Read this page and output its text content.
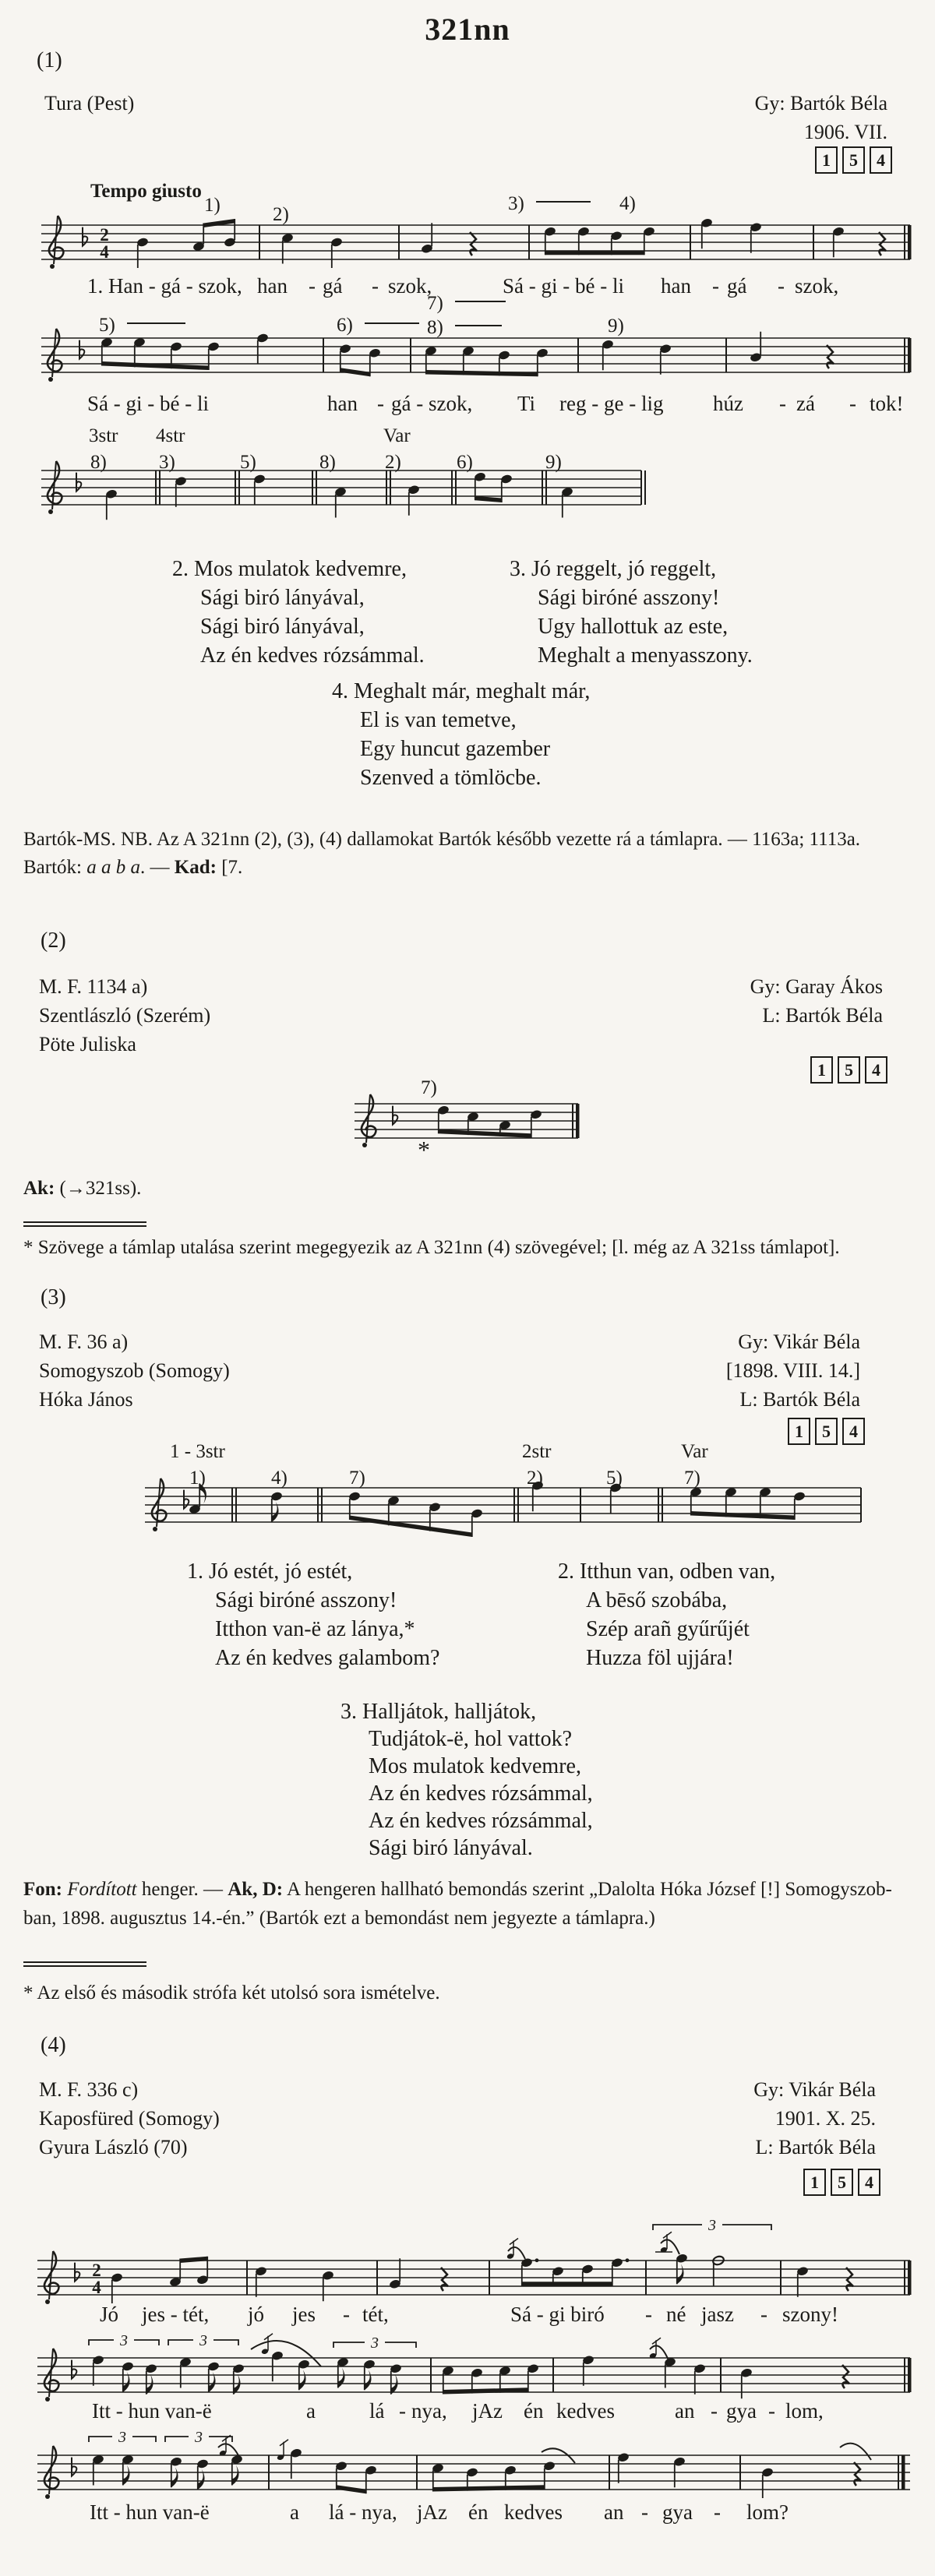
321nn
2
4
2
4
3
3	3	3
3	3
(1)
Tura (Pest)	Gy: Bartók Béla
1906. VII.
1	5	4
Tempo giusto
(2)
M. F. 1134 a)
Szentlászló (Szerém)
Pöte Juliska
Gy: Garay Ákos
L: Bartók Béla
1	5	4
(3)
M. F. 36 a)
Somogyszob (Somogy)
Hóka János
Gy: Vikár Béla
[1898. VIII. 14.]
L: Bartók Béla
1	5	4
(4)
M. F. 336 c)
Kaposfüred (Somogy)
Gyura László (70)
Gy: Vikár Béla
1901. X. 25.
L: Bartók Béla
1	5	4
2. Mos mulatok kedvemre,
Sági biró lányával,
Sági biró lányával,
Az én kedves rózsámmal.
3. Jó reggelt, jó reggelt,
Sági biróné asszony!
Ugy hallottuk az este,
Meghalt a menyasszony.
4. Meghalt már, meghalt már,
El is van temetve,
Egy huncut gazember
Szenved a tömlöcbe.
1. Jó estét, jó estét,
Sági biróné asszony!
Itthon van-ë az lánya,*
Az én kedves galambom?
2. Itthun van, odben van,
A bēső szobába,
Szép arañ gyűrűjét
Huzza föl ujjára!
3. Halljátok, halljátok,
Tudjátok-ë, hol vattok?
Mos mulatok kedvemre,
Az én kedves rózsámmal,
Az én kedves rózsámmal,
Sági biró lányával.
1. Han - gá - szok, han - gá - szok,	Sá - gi - bé - li han - gá - szok,
Sá - gi - bé - li	han - gá - szok, Ti reg - ge - lig húz - zá - tok!
Jó jes - tét, jó jes - tét,	Sá - gi biró - né jasz - szony!
Itt - hun van-ë	a	lá - nya, jAz én kedves	an - gya - lom,
Itt - hun van-ë	a lá - nya, jAz én kedves an - gya - lom?
Bartók-MS. NB. Az A 321nn (2), (3), (4) dallamokat Bartók később vezette rá a támlapra. — 1163a; 1113a.
Bartók: a a b a. — Kad: [7.
Ak: (→321ss).
* Szövege a támlap utalása szerint megegyezik az A 321nn (4) szövegével; [l. még az A 321ss támlapot].
Fon: Fordított henger. — Ak, D: A hengeren hallható bemondás szerint „Dalolta Hóka József [!] Somogyszob-
ban, 1898. augusztus 14.-én.” (Bartók ezt a bemondást nem jegyezte a támlapra.)
* Az első és második strófa két utolsó sora ismételve.
1)	2)
3)	4)
5)	6)
7)
8)	9)
8)	3)	5)	8)	2)	6)	9)
3str 4str	Var
7)
*
1)	4)	7)	2)	5)	7)
1 - 3str	2str	Var
